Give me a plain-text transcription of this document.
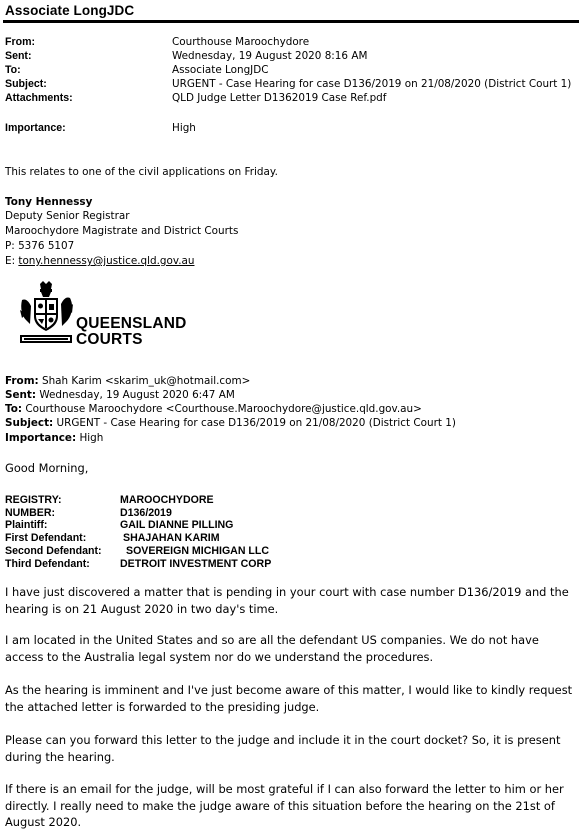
Associate LongJDC
From:	Courthouse Maroochydore
Sent:	Wednesday, 19 August 2020 8:16 AM
To:	Associate LongJDC
Subject:	URGENT - Case Hearing for case D136/2019 on 21/08/2020 (District Court 1)
Attachments:	QLD Judge Letter D1362019 Case Ref.pdf
Importance:	High
This relates to one of the civil applications on Friday.
Tony Hennessy
Deputy Senior Registrar
Maroochydore Magistrate and District Courts
P: 5376 5107
E: tony.hennessy@justice.qld.gov.au
QUEENSLAND
COURTS
From: Shah Karim <skarim_uk@hotmail.com>
Sent: Wednesday, 19 August 2020 6:47 AM
To: Courthouse Maroochydore <Courthouse.Maroochydore@justice.qld.gov.au>
Subject: URGENT - Case Hearing for case D136/2019 on 21/08/2020 (District Court 1)
Importance: High
Good Morning,
REGISTRY:	MAROOCHYDORE
NUMBER:	D136/2019
Plaintiff:	GAIL DIANNE PILLING
First Defendant:	SHAJAHAN KARIM
Second Defendant: SOVEREIGN MICHIGAN LLC
Third Defendant:	DETROIT INVESTMENT CORP
I have just discovered a matter that is pending in your court with case number D136/2019 and the hearing is on 21 August 2020 in two day's time.
I am located in the United States and so are all the defendant US companies. We do not have access to the Australia legal system nor do we understand the procedures.
As the hearing is imminent and I've just become aware of this matter, I would like to kindly request the attached letter is forwarded to the presiding judge.
Please can you forward this letter to the judge and include it in the court docket? So, it is present during the hearing.
If there is an email for the judge, will be most grateful if I can also forward the letter to him or her directly. I really need to make the judge aware of this situation before the hearing on the 21st of August 2020.
